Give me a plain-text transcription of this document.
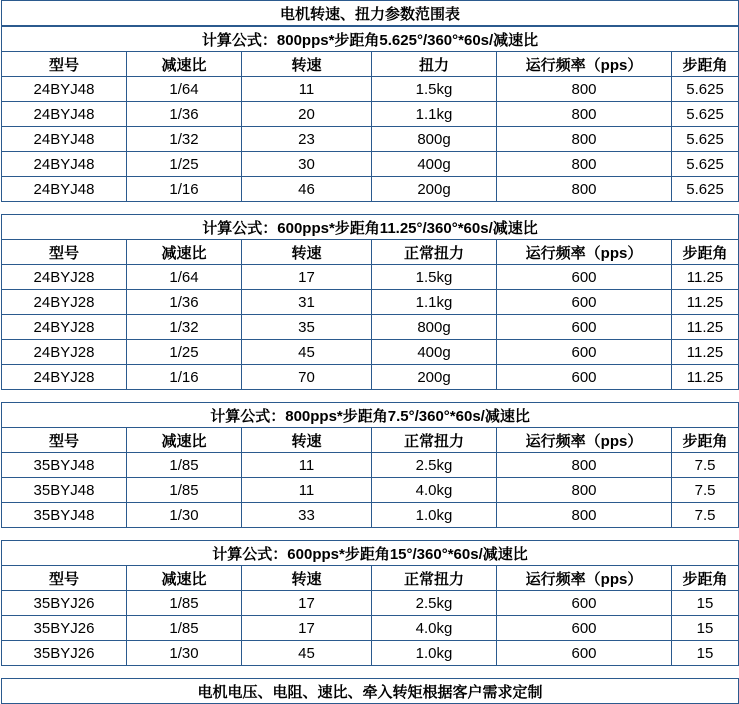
电机转速、扭力参数范围表
计算公式：800pps*步距角5.625°/360°*60s/减速比					
型号	减速比	转速	扭力	运行频率（pps）	步距角
24BYJ48	1/64	11	1.5kg	800	5.625
24BYJ48	1/36	20	1.1kg	800	5.625
24BYJ48	1/32	23	800g	800	5.625
24BYJ48	1/25	30	400g	800	5.625
24BYJ48	1/16	46	200g	800	5.625

计算公式：600pps*步距角11.25°/360°*60s/减速比					
型号	减速比	转速	正常扭力	运行频率（pps）	步距角
24BYJ28	1/64	17	1.5kg	600	11.25
24BYJ28	1/36	31	1.1kg	600	11.25
24BYJ28	1/32	35	800g	600	11.25
24BYJ28	1/25	45	400g	600	11.25
24BYJ28	1/16	70	200g	600	11.25

计算公式：800pps*步距角7.5°/360°*60s/减速比					
型号	减速比	转速	正常扭力	运行频率（pps）	步距角
35BYJ48	1/85	11	2.5kg	800	7.5
35BYJ48	1/85	11	4.0kg	800	7.5
35BYJ48	1/30	33	1.0kg	800	7.5

计算公式：600pps*步距角15°/360°*60s/减速比					
型号	减速比	转速	正常扭力	运行频率（pps）	步距角
35BYJ26	1/85	17	2.5kg	600	15
35BYJ26	1/85	17	4.0kg	600	15
35BYJ26	1/30	45	1.0kg	600	15

电机电压、电阻、速比、牵入转矩根据客户需求定制
